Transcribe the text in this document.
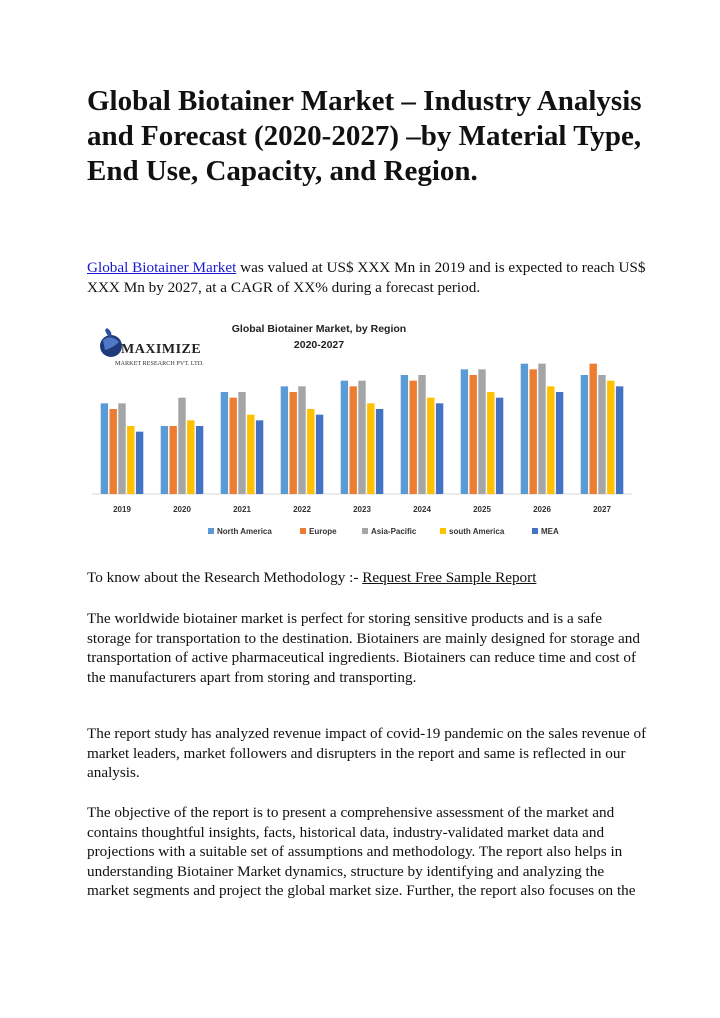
Global Biotainer Market – Industry Analysis and Forecast (2020-2027) –by Material Type, End Use, Capacity, and Region.

Global Biotainer Market was valued at US$ XXX Mn in 2019 and is expected to reach US$ XXX Mn by 2027, at a CAGR of XX% during a forecast period.

Global Biotainer Market, by Region
2020-2027
2019	2020	2021	2022	2023	2024	2025	2026	2027
North America	Europe	Asia-Pacific	south America	MEA
MAXIMIZE
MARKET RESEARCH PVT. LTD.

To know about the Research Methodology :- Request Free Sample Report

The worldwide biotainer market is perfect for storing sensitive products and is a safe storage for transportation to the destination. Biotainers are mainly designed for storage and transportation of active pharmaceutical ingredients. Biotainers can reduce time and cost of the manufacturers apart from storing and transporting.

The report study has analyzed revenue impact of covid-19 pandemic on the sales revenue of market leaders, market followers and disrupters in the report and same is reflected in our analysis.

The objective of the report is to present a comprehensive assessment of the market and contains thoughtful insights, facts, historical data, industry-validated market data and projections with a suitable set of assumptions and methodology. The report also helps in understanding Biotainer Market dynamics, structure by identifying and analyzing the market segments and project the global market size. Further, the report also focuses on the
